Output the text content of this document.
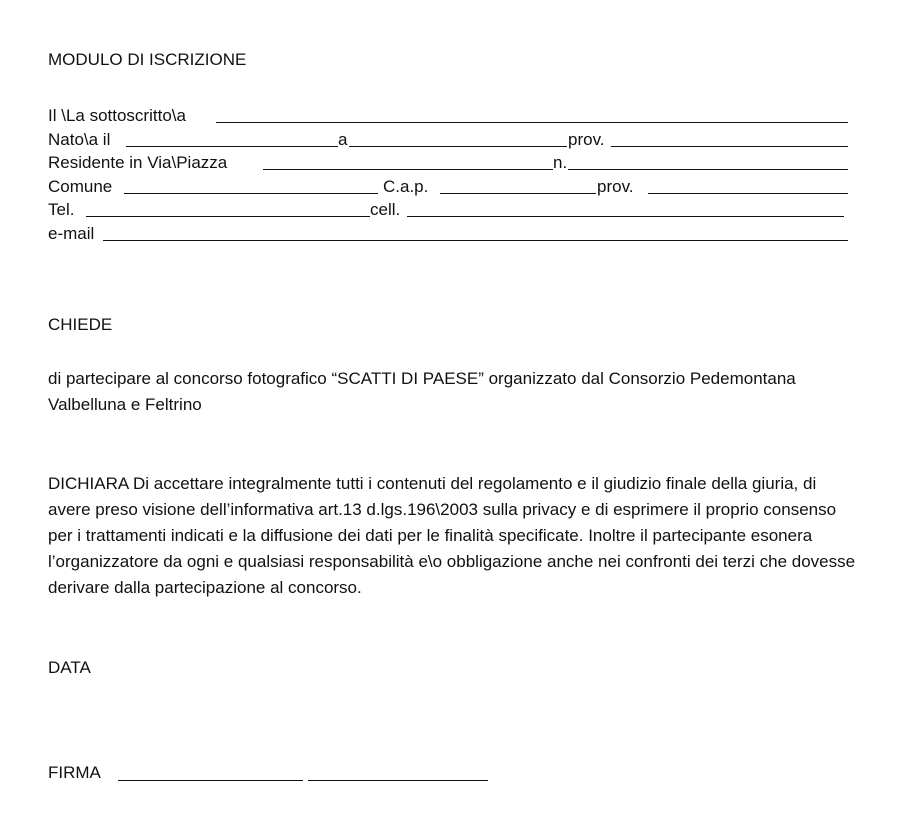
MODULO DI ISCRIZIONE
Il \La sottoscritto\a
Nato\a il	a	prov.
Residente in Via\Piazza	n.
Comune	C.a.p.	prov.
Tel.	cell.
e-mail
CHIEDE
di partecipare al concorso fotografico “SCATTI DI PAESE” organizzato dal Consorzio Pedemontana Valbelluna e Feltrino
DICHIARA Di accettare integralmente tutti i contenuti del regolamento e il giudizio finale della giuria, di avere preso visione dell’informativa art.13 d.lgs.196\2003 sulla privacy e di esprimere il proprio consenso per i trattamenti indicati e la diffusione dei dati per le finalità specificate. Inoltre il partecipante esonera l’organizzatore da ogni e qualsiasi responsabilità e\o obbligazione anche nei confronti dei terzi che dovesse derivare dalla partecipazione al concorso.
DATA
FIRMA
